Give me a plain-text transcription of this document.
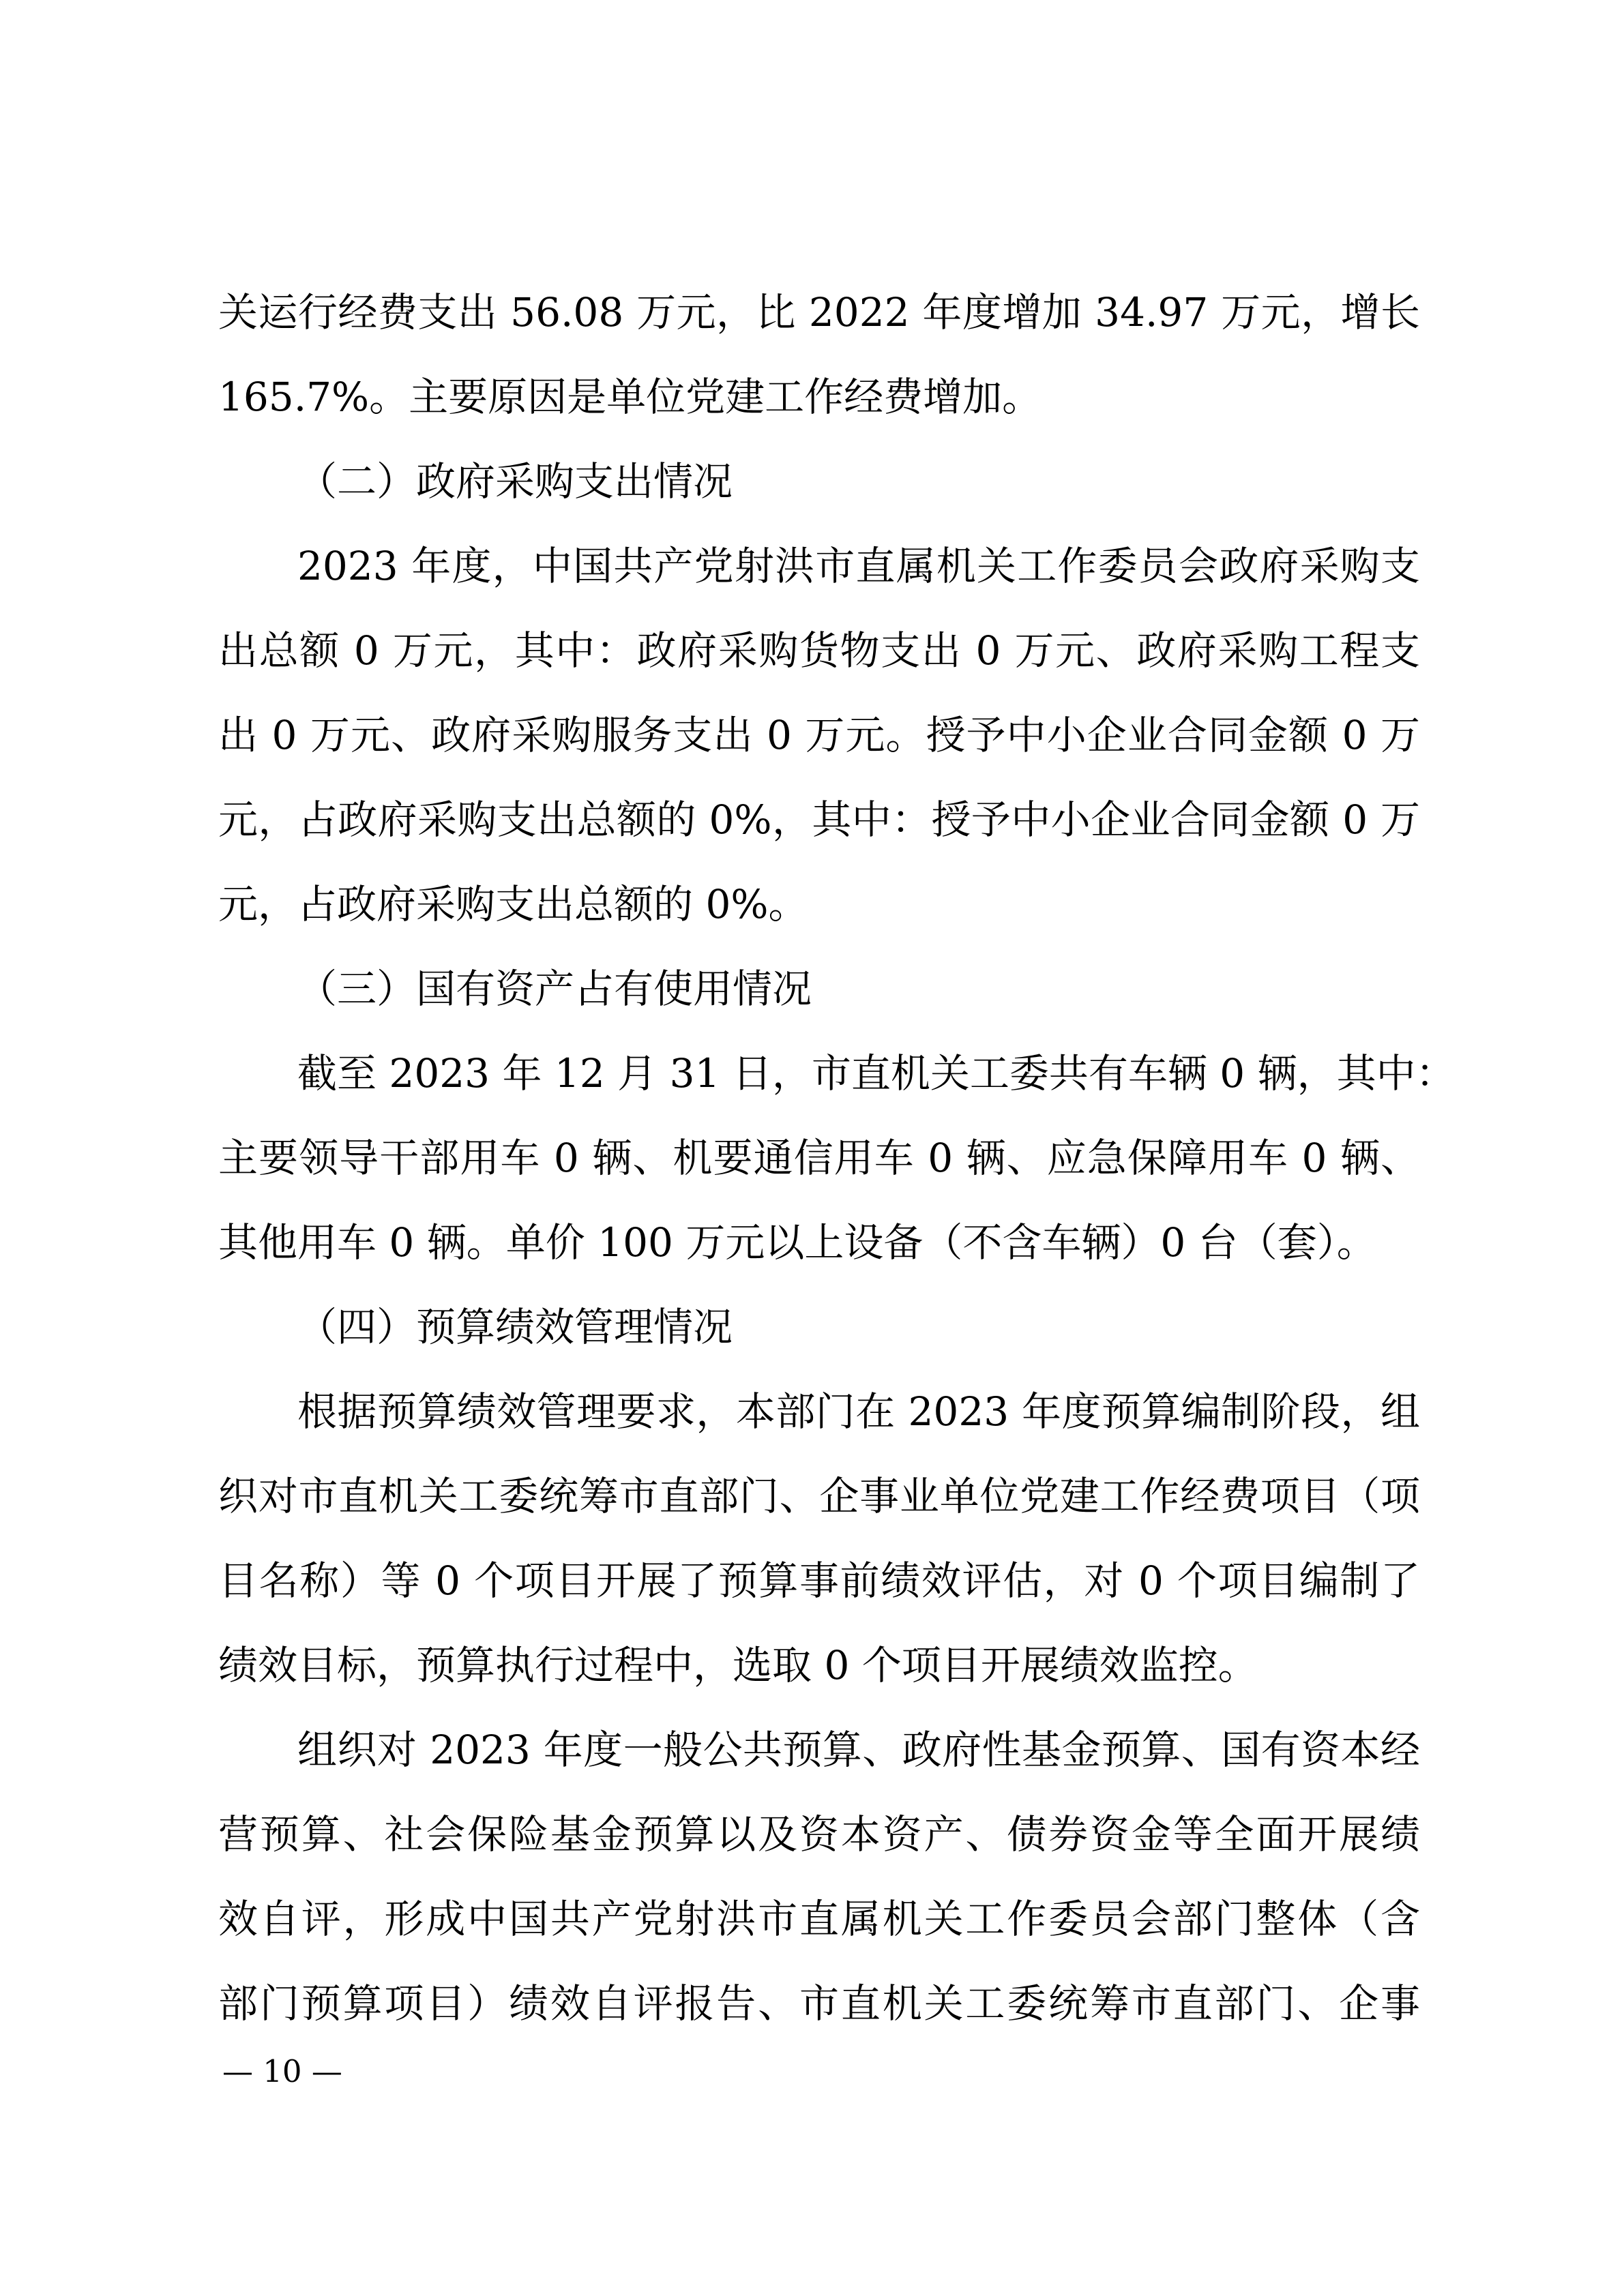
关运行经费支出 56.08 万元，比 2022 年度增加 34.97 万元，增长
165.7%。主要原因是单位党建工作经费增加。
（二）政府采购支出情况
2023 年度，中国共产党射洪市直属机关工作委员会政府采购支
出总额 0 万元，其中：政府采购货物支出 0 万元、政府采购工程支
出 0 万元、政府采购服务支出 0 万元。授予中小企业合同金额 0 万
元，占政府采购支出总额的 0%，其中：授予中小企业合同金额 0 万
元，占政府采购支出总额的 0%。
（三）国有资产占有使用情况
截至 2023 年 12 月 31 日，市直机关工委共有车辆 0 辆，其中：
主要领导干部用车 0 辆、机要通信用车 0 辆、应急保障用车 0 辆、
其他用车 0 辆。单价 100 万元以上设备（不含车辆）0 台（套）。
（四）预算绩效管理情况
根据预算绩效管理要求，本部门在 2023 年度预算编制阶段，组
织对市直机关工委统筹市直部门、企事业单位党建工作经费项目（项
目名称）等 0 个项目开展了预算事前绩效评估，对 0 个项目编制了
绩效目标，预算执行过程中，选取 0 个项目开展绩效监控。
组织对 2023 年度一般公共预算、政府性基金预算、国有资本经
营预算、社会保险基金预算以及资本资产、债券资金等全面开展绩
效自评，形成中国共产党射洪市直属机关工作委员会部门整体（含
部门预算项目）绩效自评报告、市直机关工委统筹市直部门、企事
— 10 —
